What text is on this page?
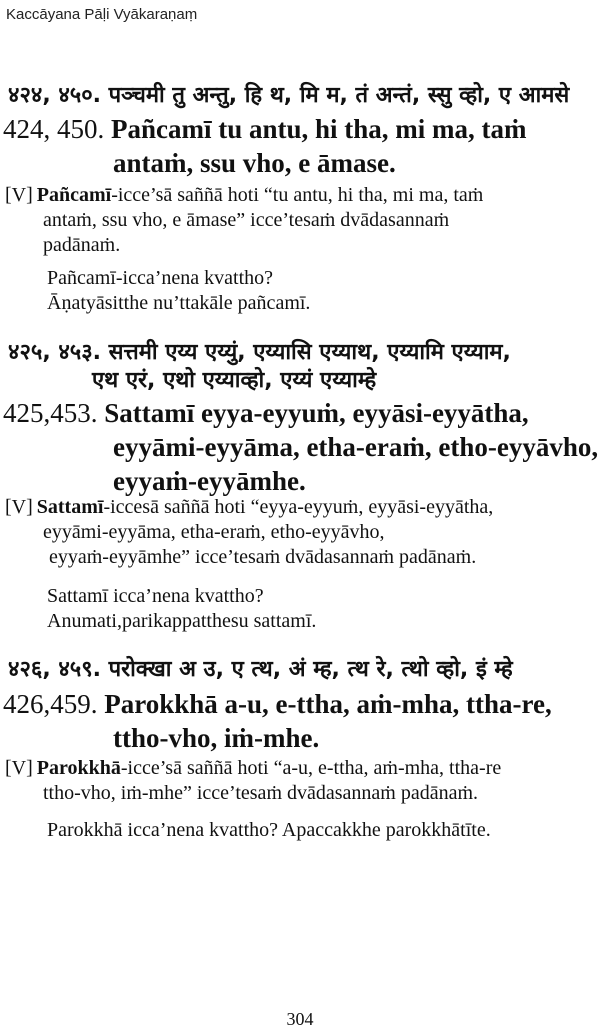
Kaccāyana Pāḷi Vyākaraṇaṃ
४२४, ४५०. पञ्चमी तु अन्तु, हि थ, मि म, तं अन्तं, स्सु व्हो, ए आमसे
424, 450. Pañcamī tu antu, hi tha, mi ma, taṁ
antaṁ, ssu vho, e āmase.
[V] Pañcamī-icce’sā saññā hoti “tu antu, hi tha, mi ma, taṁ
antaṁ, ssu vho, e āmase” icce’tesaṁ dvādasannaṁ
padānaṁ.
Pañcamī-icca’nena kvattho?
Āṇatyāsitthe nu’ttakāle pañcamī.
४२५, ४५३. सत्तमी एय्य एय्युं, एय्यासि एय्याथ, एय्यामि एय्याम,
एथ एरं, एथो एय्याव्हो, एय्यं एय्याम्हे
425,453. Sattamī eyya-eyyuṁ, eyyāsi-eyyātha,
eyyāmi-eyyāma, etha-eraṁ, etho-eyyāvho,
eyyaṁ-eyyāmhe.
[V] Sattamī-iccesā saññā hoti “eyya-eyyuṁ, eyyāsi-eyyātha,
eyyāmi-eyyāma, etha-eraṁ, etho-eyyāvho,
eyyaṁ-eyyāmhe” icce’tesaṁ dvādasannaṁ padānaṁ.
Sattamī icca’nena kvattho?
Anumati,parikappatthesu sattamī.
४२६, ४५९. परोक्खा अ उ, ए त्थ, अं म्ह, त्थ रे, त्थो व्हो, इं म्हे
426,459. Parokkhā a-u, e-ttha, aṁ-mha, ttha-re,
ttho-vho, iṁ-mhe.
[V] Parokkhā-icce’sā saññā hoti “a-u, e-ttha, aṁ-mha, ttha-re
ttho-vho, iṁ-mhe” icce’tesaṁ dvādasannaṁ padānaṁ.
Parokkhā icca’nena kvattho? Apaccakkhe parokkhātīte.
304
